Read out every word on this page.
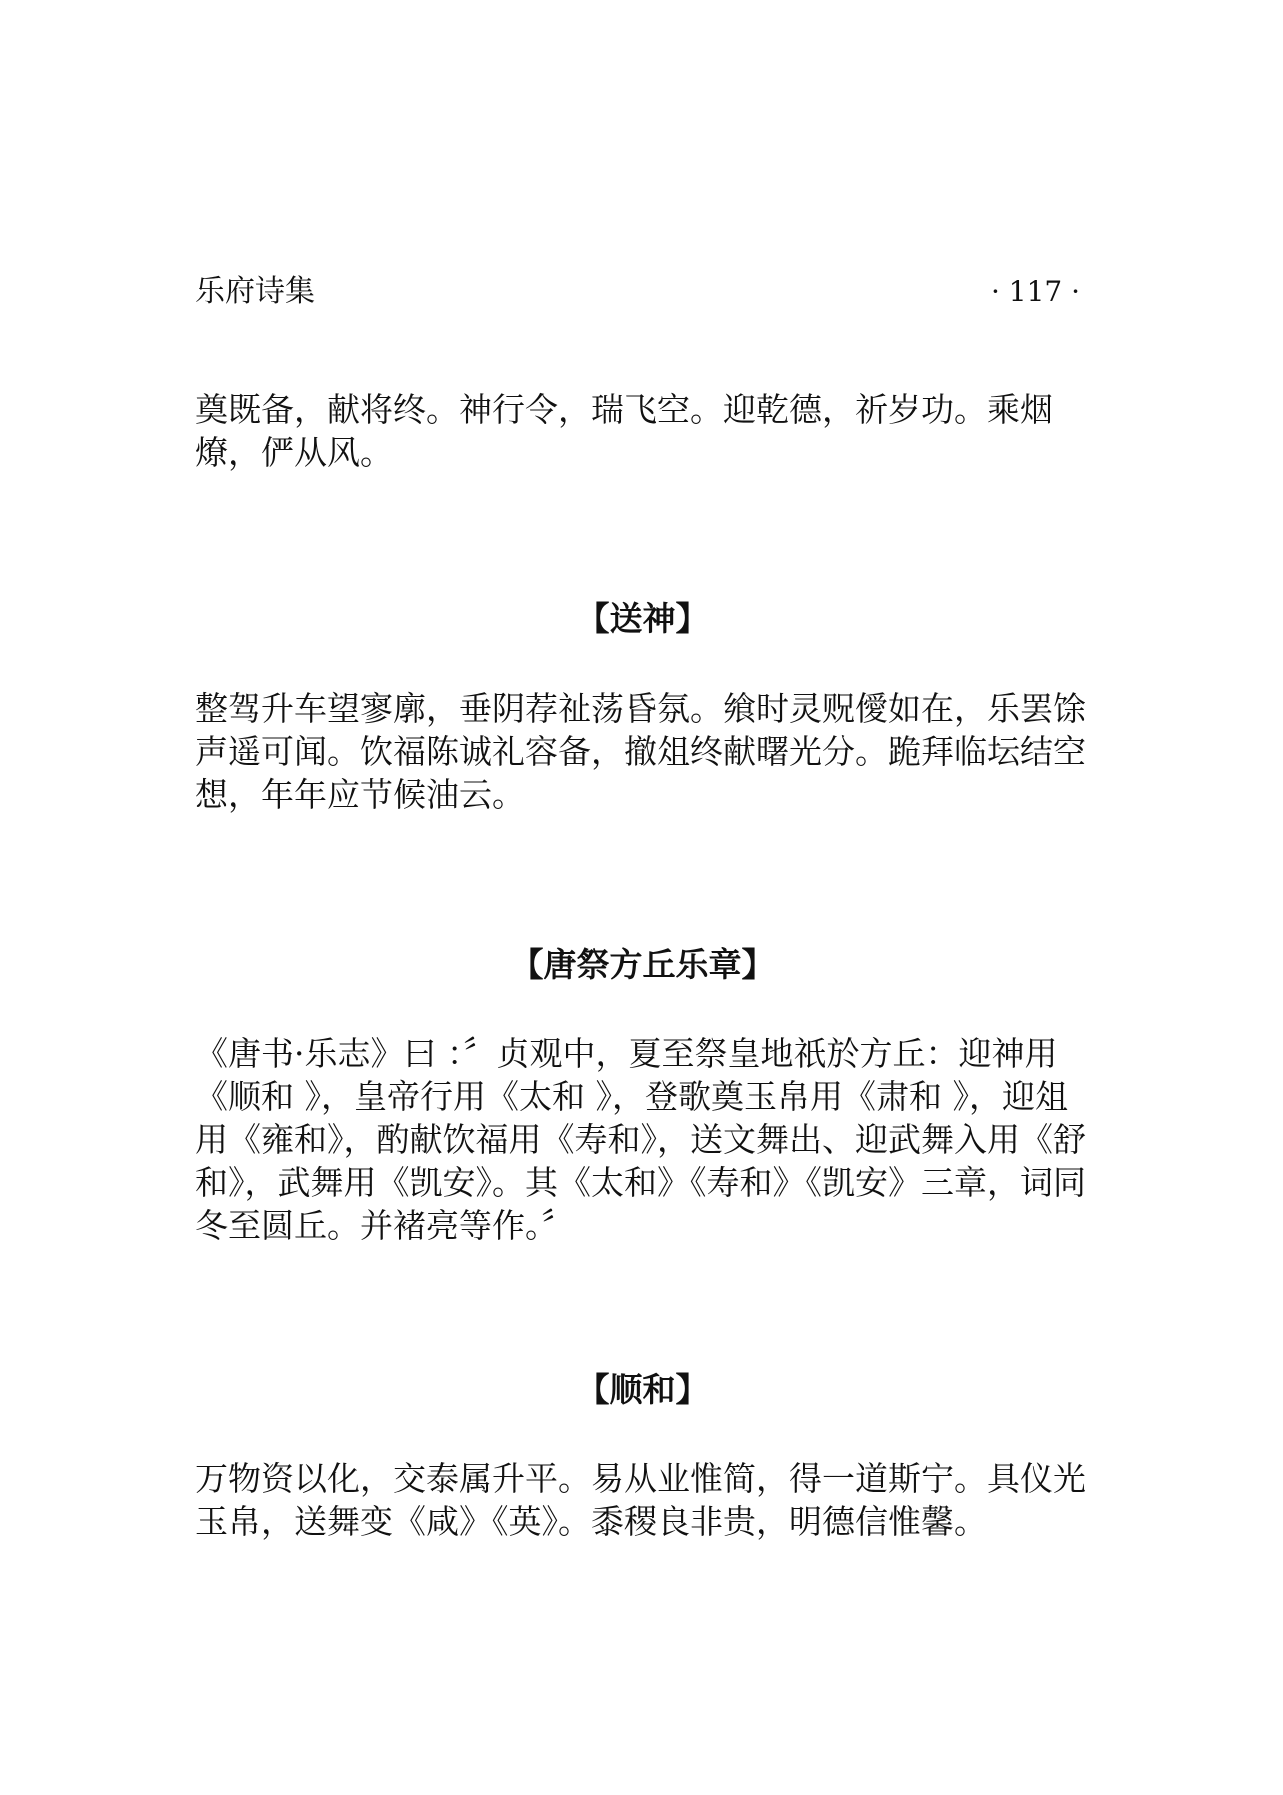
乐府诗集	· 117 ·

奠既备，献将终。神行令，瑞飞空。迎乾德，祈岁功。乘烟燎，俨从风。

【送神】

整驾升车望寥廓，垂阴荐祉荡昏氛。飨时灵贶僾如在，乐罢馀声遥可闻。饮福陈诚礼容备，撤俎终献曙光分。跪拜临坛结空想，年年应节候油云。

【唐祭方丘乐章】

《唐书·乐志》曰 ：〞贞观中，夏至祭皇地祇於方丘：迎神用《顺和 》，皇帝行用《太和 》，登歌奠玉帛用《肃和 》，迎俎用《雍和》，酌献饮福用《寿和》，送文舞出、迎武舞入用《舒和》，武舞用《凯安》。其《太和》《寿和》《凯安》三章，词同冬至圆丘。并褚亮等作。〞

【顺和】

万物资以化，交泰属升平。易从业惟简，得一道斯宁。具仪光玉帛，送舞变《咸》《英》。黍稷良非贵，明德信惟馨。
